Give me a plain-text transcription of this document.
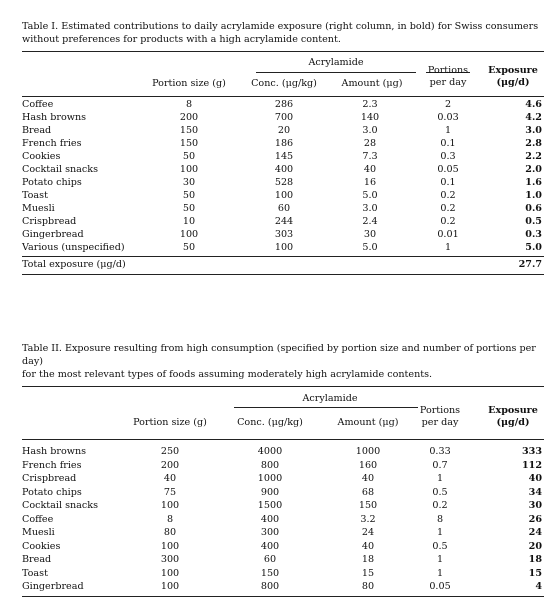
Table I. Estimated contributions to daily acrylamide exposure (right column, in bold) for Swiss consumers
without preferences for products with a high acrylamide content.

Acrylamide
Portion size (g)	Conc. (μg/kg)	Amount (μg)
Portions
per day
Exposure
(μg/d)
Coffee	8	286	2.3	2	4.6
Hash browns	200	700	140	0.03	4.2
Bread	150	20	3.0	1	3.0
French fries	150	186	28	0.1	2.8
Cookies	50	145	7.3	0.3	2.2
Cocktail snacks	100	400	40	0.05	2.0
Potato chips	30	528	16	0.1	1.6
Toast	50	100	5.0	0.2	1.0
Muesli	50	60	3.0	0.2	0.6
Crispbread	10	244	2.4	0.2	0.5
Gingerbread	100	303	30	0.01	0.3
Various (unspecified)	50	100	5.0	1	5.0
Total exposure (μg/d)	27.7

Table II. Exposure resulting from high consumption (specified by portion size and number of portions per day)
for the most relevant types of foods assuming moderately high acrylamide contents.

Acrylamide
Portion size (g)	Conc. (μg/kg)	Amount (μg)
Portions
per day
Exposure
(μg/d)
Hash browns	250	4000	1000	0.33	333
French fries	200	800	160	0.7	112
Crispbread	40	1000	40	1	40
Potato chips	75	900	68	0.5	34
Cocktail snacks	100	1500	150	0.2	30
Coffee	8	400	3.2	8	26
Muesli	80	300	24	1	24
Cookies	100	400	40	0.5	20
Bread	300	60	18	1	18
Toast	100	150	15	1	15
Gingerbread	100	800	80	0.05	4
